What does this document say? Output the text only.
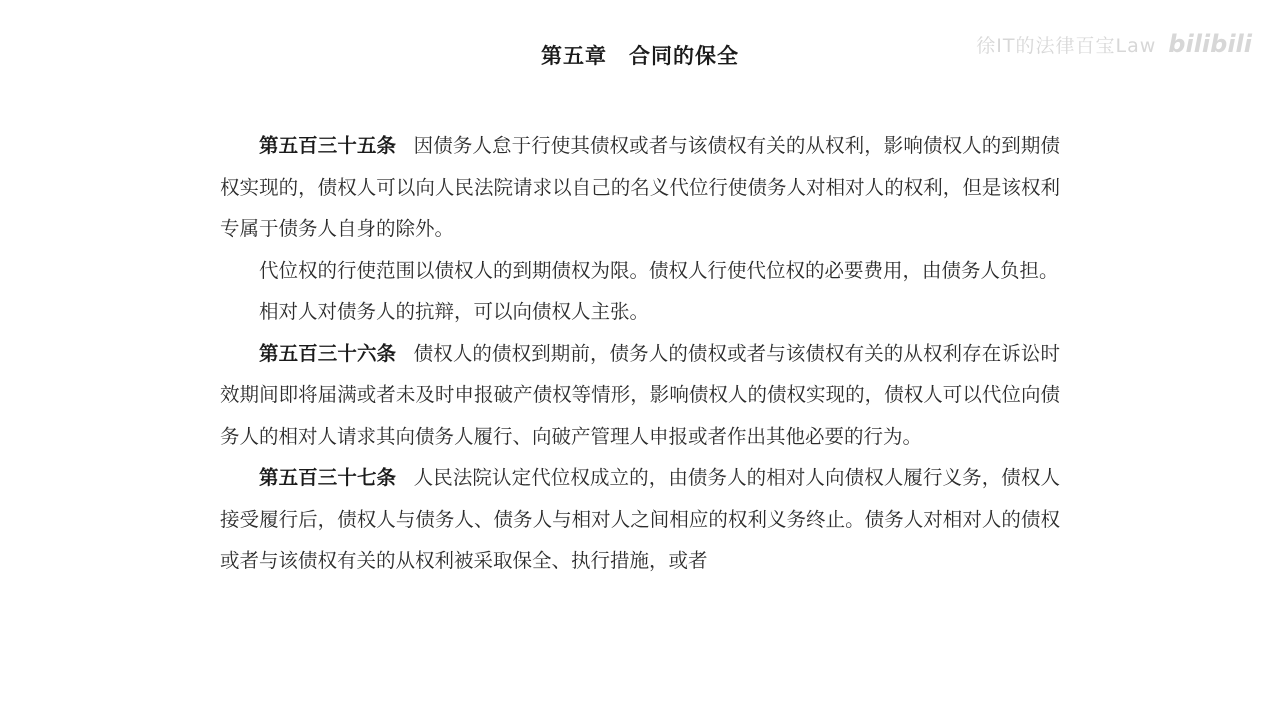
第五章　合同的保全	徐IT的法律百宝Law bilibili

第五百三十五条 因债务人怠于行使其债权或者与该债权有关的从权利，影响债权人的到期债权实现的，债权人可以向人民法院请求以自己的名义代位行使债务人对相对人的权利，但是该权利专属于债务人自身的除外。

代位权的行使范围以债权人的到期债权为限。债权人行使代位权的必要费用，由债务人负担。

相对人对债务人的抗辩，可以向债权人主张。

第五百三十六条 债权人的债权到期前，债务人的债权或者与该债权有关的从权利存在诉讼时效期间即将届满或者未及时申报破产债权等情形，影响债权人的债权实现的，债权人可以代位向债务人的相对人请求其向债务人履行、向破产管理人申报或者作出其他必要的行为。

第五百三十七条 人民法院认定代位权成立的，由债务人的相对人向债权人履行义务，债权人接受履行后，债权人与债务人、债务人与相对人之间相应的权利义务终止。债务人对相对人的债权或者与该债权有关的从权利被采取保全、执行措施，或者
